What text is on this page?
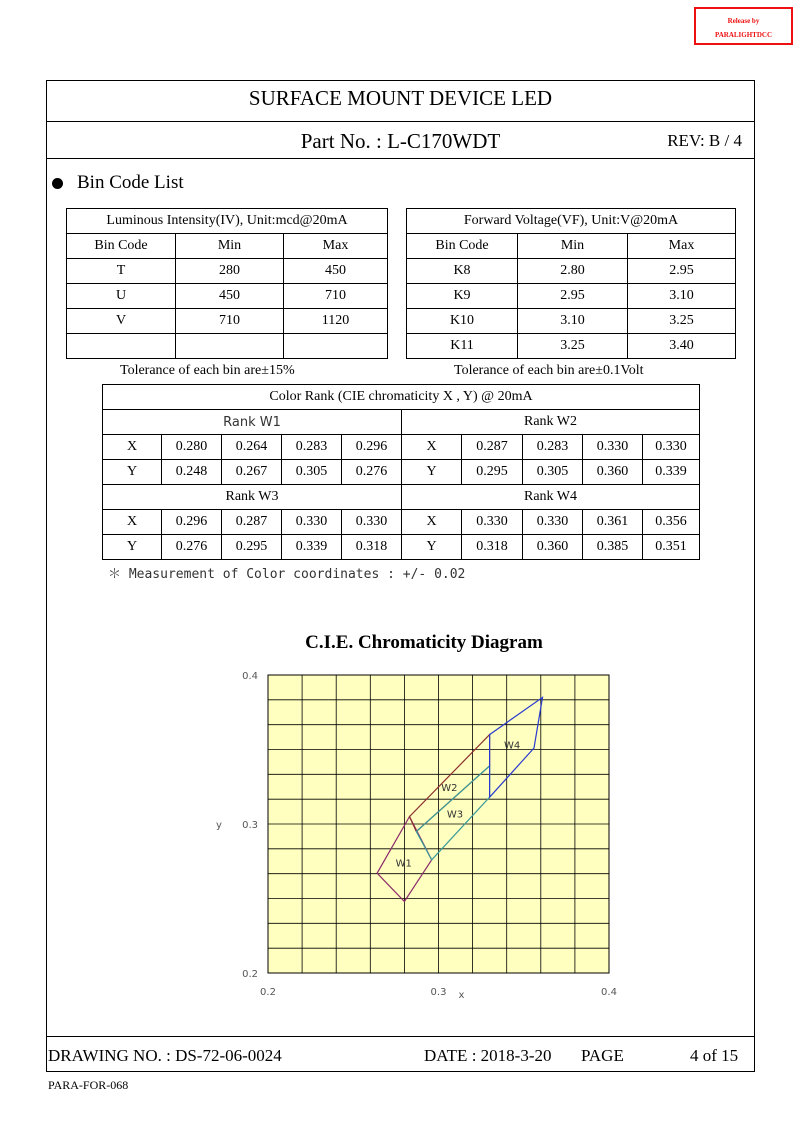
Release by
PARALIGHTDCC
SURFACE MOUNT DEVICE LED
Part No. : L-C170WDT	REV: B / 4
Bin Code List
Luminous Intensity(IV), Unit:mcd@20mA		
Bin Code	Min	Max
T	280	450
U	450	710
V	710	1120

Forward Voltage(VF), Unit:V@20mA		
Bin Code	Min	Max
K8	2.80	2.95
K9	2.95	3.10
K10	3.10	3.25
K11	3.25	3.40
Tolerance of each bin are±15%	Tolerance of each bin are±0.1Volt
Color Rank (CIE chromaticity X , Y) @ 20mA									
Rank W1					Rank W2				
X	0.280	0.264	0.283	0.296	X	0.287	0.283	0.330	0.330
Y	0.248	0.267	0.305	0.276	Y	0.295	0.305	0.360	0.339
Rank W3					Rank W4				
X	0.296	0.287	0.330	0.330	X	0.330	0.330	0.361	0.356
Y	0.276	0.295	0.339	0.318	Y	0.318	0.360	0.385	0.351
＊ Measurement of Color coordinates : +/- 0.02
C.I.E. Chromaticity Diagram
W1
W2
W3
W4
0.2	0.3	0.4
0.2
0.3
0.4
x
y
DRAWING NO. : DS-72-06-0024	DATE : 2018-3-20 PAGE	4 of 15
PARA-FOR-068
